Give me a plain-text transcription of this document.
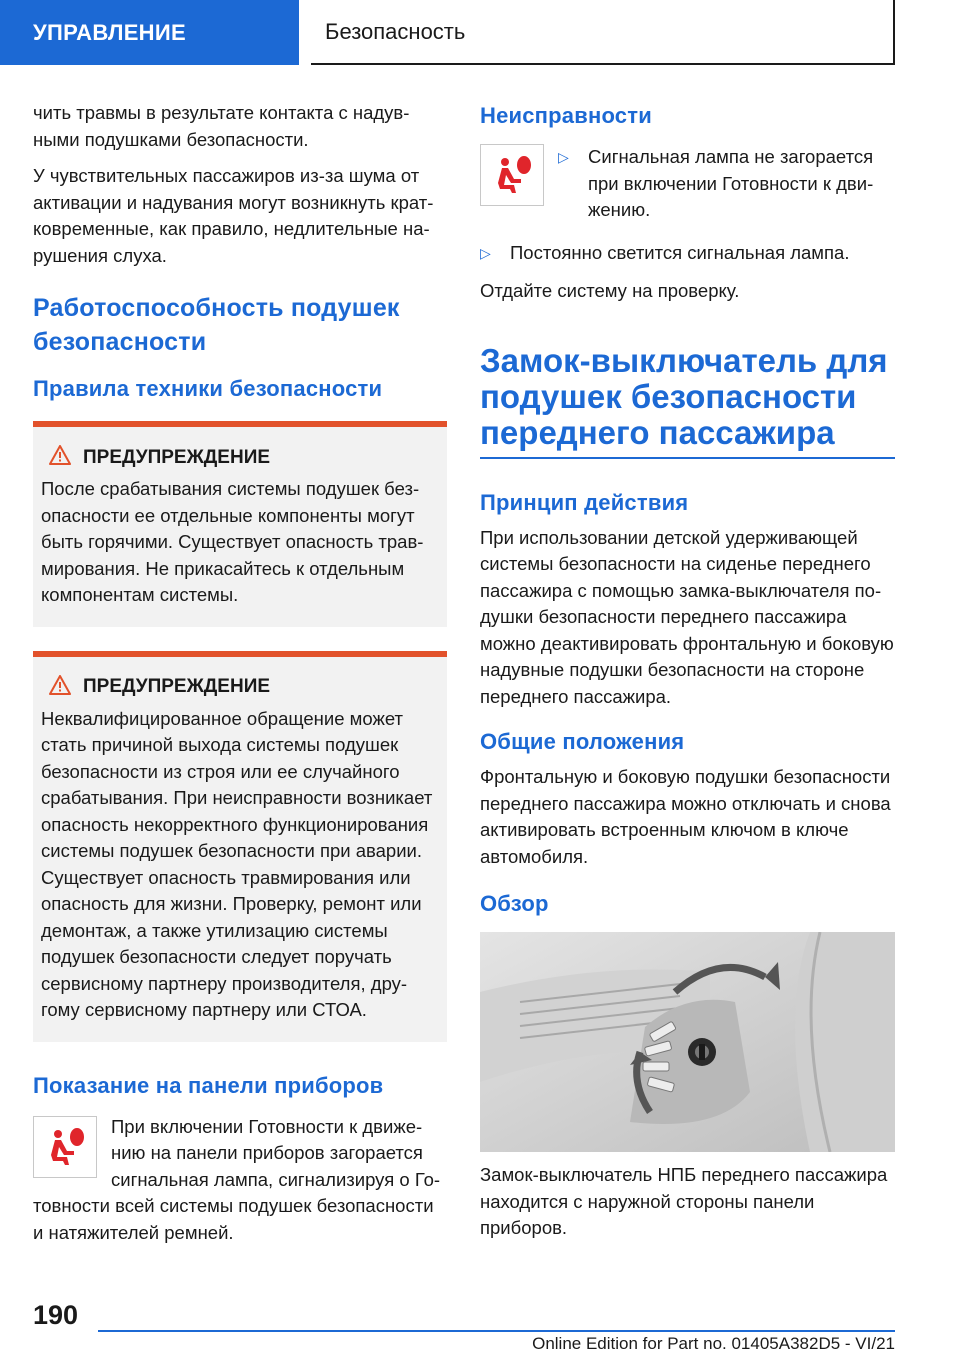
УПРАВЛЕНИЕ	Безопасность

чить травмы в результате контакта с надувными подушками безопасности.

У чувствительных пассажиров из-за шума от активации и надувания могут возникнуть кратковременные, как правило, недлительные нарушения слуха.

Работоспособность подушек безопасности
Правила техники безопасности
ПРЕДУПРЕЖДЕНИЕ

После срабатывания системы подушек безопасности ее отдельные компоненты могут быть горячими. Существует опасность травмирования. Не прикасайтесь к отдельным компонентам системы.

ПРЕДУПРЕЖДЕНИЕ

Неквалифицированное обращение может стать причиной выхода системы подушек безопасности из строя или ее случайного срабатывания. При неисправности возникает опасность некорректного функционирования системы подушек безопасности при аварии. Существует опасность травмирования или опасность для жизни. Проверку, ремонт или демонтаж, а также утилизацию системы подушек безопасности следует поручать сервисному партнеру производителя, другому сервисному партнеру или СТОА.

Показание на панели приборов

При включении Готовности к движению на панели приборов загорается сигнальная лампа, сигнализируя о Готовности всей системы подушек безопасности и натяжителей ремней.

Неисправности
▷	Сигнальная лампа не загорается при включении Готовности к движению.
▷	Постоянно светится сигнальная лампа.

Отдайте систему на проверку.

Замок-выключатель для подушек безопасности переднего пассажира
Принцип действия

При использовании детской удерживающей системы безопасности на сиденье переднего пассажира с помощью замка-выключателя подушки безопасности переднего пассажира можно деактивировать фронтальную и боковую надувные подушки безопасности на стороне переднего пассажира.

Общие положения

Фронтальную и боковую подушки безопасности переднего пассажира можно отключать и снова активировать встроенным ключом в ключе автомобиля.

Обзор

Замок-выключатель НПБ переднего пассажира находится с наружной стороны панели приборов.

190
Online Edition for Part no. 01405A382D5 - VI/21
